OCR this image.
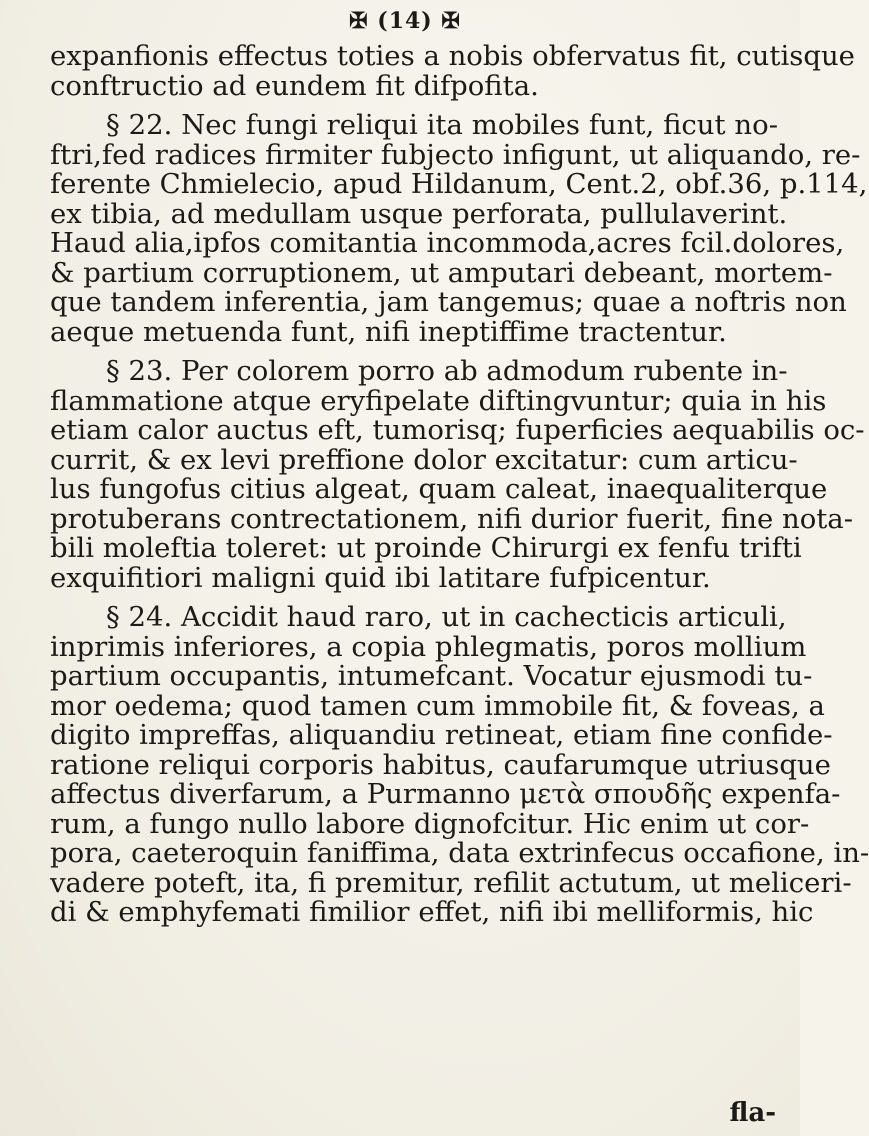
✠ (14) ✠
expanfionis effectus toties a nobis obfervatus fit, cutisque
conftructio ad eundem fit difpofita.
§ 22. Nec fungi reliqui ita mobiles funt, ficut no-
ftri,fed radices firmiter fubjecto infigunt, ut aliquando, re-
ferente Chmielecio, apud Hildanum, Cent.2, obf.36, p.114,
ex tibia, ad medullam usque perforata, pullulaverint.
Haud alia,ipfos comitantia incommoda,acres fcil.dolores,
& partium corruptionem, ut amputari debeant, mortem-
que tandem inferentia, jam tangemus; quae a noftris non
aeque metuenda funt, nifi ineptiffime tractentur.
§ 23. Per colorem porro ab admodum rubente in-
flammatione atque eryfipelate diftingvuntur; quia in his
etiam calor auctus eft, tumorisq; fuperficies aequabilis oc-
currit, & ex levi preffione dolor excitatur: cum articu-
lus fungofus citius algeat, quam caleat, inaequaliterque
protuberans contrectationem, nifi durior fuerit, fine nota-
bili moleftia toleret: ut proinde Chirurgi ex fenfu trifti
exquifitiori maligni quid ibi latitare fufpicentur.
§ 24. Accidit haud raro, ut in cachecticis articuli,
inprimis inferiores, a copia phlegmatis, poros mollium
partium occupantis, intumefcant. Vocatur ejusmodi tu-
mor oedema; quod tamen cum immobile fit, & foveas, a
digito impreffas, aliquandiu retineat, etiam fine confide-
ratione reliqui corporis habitus, caufarumque utriusque
affectus diverfarum, a Purmanno μετὰ σπουδῆς expenfa-
rum, a fungo nullo labore dignofcitur. Hic enim ut cor-
pora, caeteroquin faniffima, data extrinfecus occafione, in-
vadere poteft, ita, fi premitur, refilit actutum, ut meliceri-
di & emphyfemati fimilior effet, nifi ibi melliformis, hic
fla-
